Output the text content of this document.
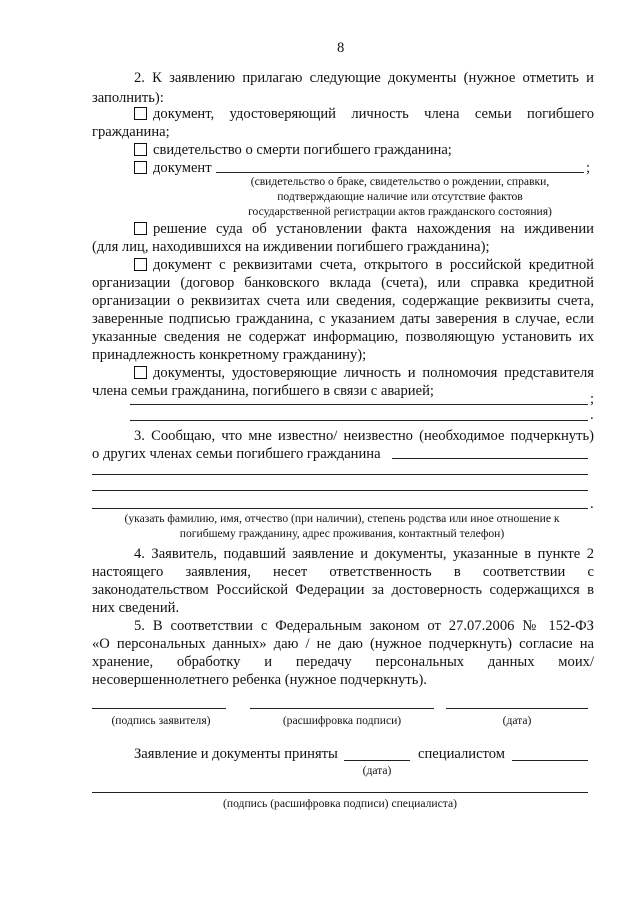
8
2. К заявлению прилагаю следующие документы (нужное отметить и
заполнить):
документ, удостоверяющий личность члена семьи погибшего
гражданина;
свидетельство о смерти погибшего гражданина;
документ	;
(свидетельство о браке, свидетельство о рождении, справки,
подтверждающие наличие или отсутствие фактов
государственной регистрации актов гражданского состояния)
решение суда об установлении факта нахождения на иждивении
(для лиц, находившихся на иждивении погибшего гражданина);
документ с реквизитами счета, открытого в российской кредитной
организации (договор банковского вклада (счета), или справка кредитной
организации о реквизитах счета или сведения, содержащие реквизиты счета,
заверенные подписью гражданина, с указанием даты заверения в случае, если
указанные сведения не содержат информацию, позволяющую установить их
принадлежность конкретному гражданину);
документы, удостоверяющие личность и полномочия представителя
члена семьи гражданина, погибшего в связи с аварией;	;
.
3. Сообщаю, что мне известно/ неизвестно (необходимое подчеркнуть)
о других членах семьи погибшего гражданина
.
(указать фамилию, имя, отчество (при наличии), степень родства или иное отношение к
погибшему гражданину, адрес проживания, контактный телефон)
4. Заявитель, подавший заявление и документы, указанные в пункте 2
настоящего заявления, несет ответственность в соответствии с
законодательством Российской Федерации за достоверность содержащихся в
них сведений.
5. В соответствии с Федеральным законом от 27.07.2006 № 152-ФЗ
«О персональных данных» даю / не даю (нужное подчеркнуть) согласие на
хранение, обработку и передачу персональных данных моих/
несовершеннолетнего ребенка (нужное подчеркнуть).
(подпись заявителя)	(расшифровка подписи)	(дата)
Заявление и документы приняты	специалистом
(дата)
(подпись (расшифровка подписи) специалиста)
